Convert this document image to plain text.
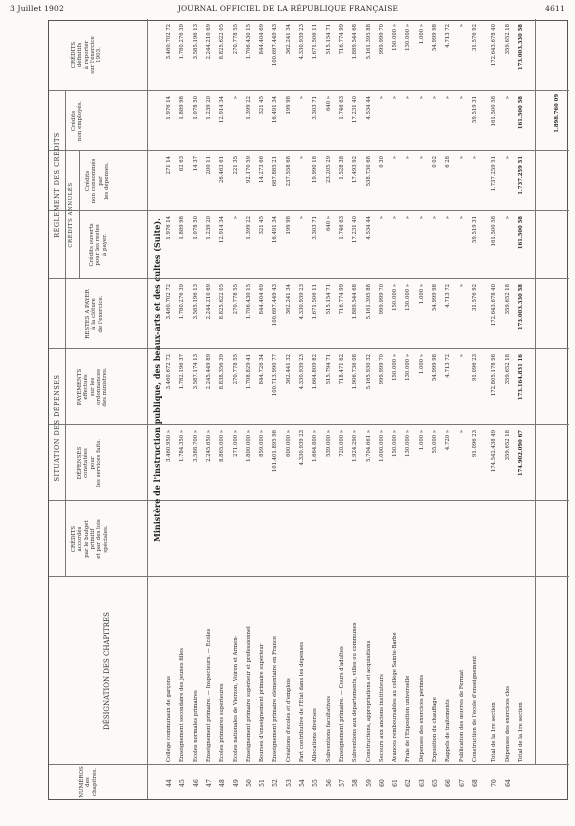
3 Juillet 1902	JOURNAL OFFICIEL DE LA RÉPUBLIQUE FRANÇAISE	4611
SITUATION DES DÉPENSES
RÈGLEMENT DES CRÉDITS CRÉDITS ANNULÉS
NUMÉROS
des
chapitres.
DÉSIGNATION DES CHAPITRES
CRÉDITS
accordés
par le budget
primitif
et par des lois
spéciales.
DÉPENSES
constatées
pour
les services faits.
PAYEMENTS
effectués
sur les
ordonnances
des ministres.
RESTES A PAYER
à la clôture
de l'exercice.
Crédits ouverts
pour les restes
à payer.
Crédits
non consommés
par
les dépenses.
Crédits
non employés.
CRÉDITS
définitifs
à reporter
sur l'exercice
1903.
Ministère de l'instruction publique, des beaux-arts et des cultes (Suite).
44
Collège communaux de garçons
3.460.950 »
3.460.672 72
3.460.702 72
1.976 14
271 14
1.976 14
3.460.702 72
45
Enseignement secondaire des jeunes filles
1.784.350 »
1.782.196 37
1.780.276 39
1.889 98
62 63
1.889 98
1.780.276 39
46
Écoles normales primaires
3.588.700 »
3.587.174 13
3.585.196 13
1.978 50
14 37
1.978 50
3.585.196 13
47
Enseignement primaire. — Inspecteurs. — Écoles
2.245.650 »
2.245.449 89
2.244.210 69
1.239 20
200 11
1.239 20
2.244.210 69
48
Écoles primaires supérieures
8.865.000 »
8.838.356 39
8.825.622 05
12.914 34
26.463 61
12.914 34
8.825.622 05
49
Écoles nationales de Vierzon, Voiron et Armen-
271.000 »
270.778 55
270.778 55
»
221 35
»
270.778 55
50
Enseignement primaire supérieur et professionnel
1.800.000 »
1.708.829 41
1.706.430 15
1.399 22
92.170 59
1.399 22
1.706.430 15
51
Bourses d'enseignement primaire supérieur
859.000 »
844.726 34
844.404 69
321 45
14.273 66
321 45
844.404 69
52
Enseignement primaire élémentaire en France
101.401.895 98
100.713.990 77
100.697.449 43
16.491 34
687.885 21
16.491 34
100.697.449 43
53
Créations d'écoles et d'emplois
600.000 »
362.441 32
362.241 34
199 98
237.558 68
199 98
362.241 34
54
Part contributive de l'État dans les dépenses
4.330.939 23
4.330.939 23
4.330.939 23
»
»
»
4.330.939 23
55
Allocations diverses
1.664.800 »
1.664.809 82
1.671.506 11
3.303 71
19.990 18
3.303 71
1.671.506 11
56
Subventions facultatives
539.000 »
515.794 71
515.154 71
640 »
23.205 29
640 »
515.154 71
57
Enseignement primaire. — Cours d'adultes
720.000 »
718.471 62
716.774 99
1.746 63
1.528 38
1.746 63
716.774 99
58
Subventions aux départements, villes ou communes
1.924.290 »
1.906.736 08
1.889.544 68
17.231 40
17.493 92
17.231 40
1.889.544 68
59
Constructions, appropriations et acquisitions
5.704.661 »
5.165.930 32
5.161.395 88
4.534 44
538.730 68
4.534 44
5.161.395 88
60
Secours aux anciens instituteurs
1.000.000 »
999.999 70
999.999 70
»
0 30
»
999.999 70
61
Avances remboursables au collège Sainte-Barbe
150.000 »
150.000 »
150.000 »
»
»
»
150.000 »
62
Frais de l'Exposition universelle
130.000 »
130.000 »
130.000 »
»
»
»
130.000 »
63
Dépenses des exercices périmés
1.000 »
1.000 »
1.000 »
»
»
»
1.000 »
65
Exposition du chauffage
55.000 »
54.999 98
54.999 98
»
0 02
»
54.999 98
66
Rappels de traitements
4.720 »
4.713 72
4.713 72
»
6 28
»
4.713 72
67
Publication des œuvres de Fermat
»
»
»
»
»
»
»
68
Construction de l'école d'enseignement
91.096 23
91.096 23
31.576 92
59.519 31
»
59.519 31
31.576 92
70
Total de la 1re section
174.542.438 49
172.805.178 98
172.643.678 40
161.500 58
1.737.259 51
161.500 58
172.643.678 40
64
Dépenses des exercices clos
359.652 18
359.652 18
359.652 18
»
»
»
359.652 18
Total de la 1re section
174.902.090 67
173.164.831 16
173.003.330 58
161.500 58
1.737.259 51
161.500 58
173.003.330 58
1.898.760 09
